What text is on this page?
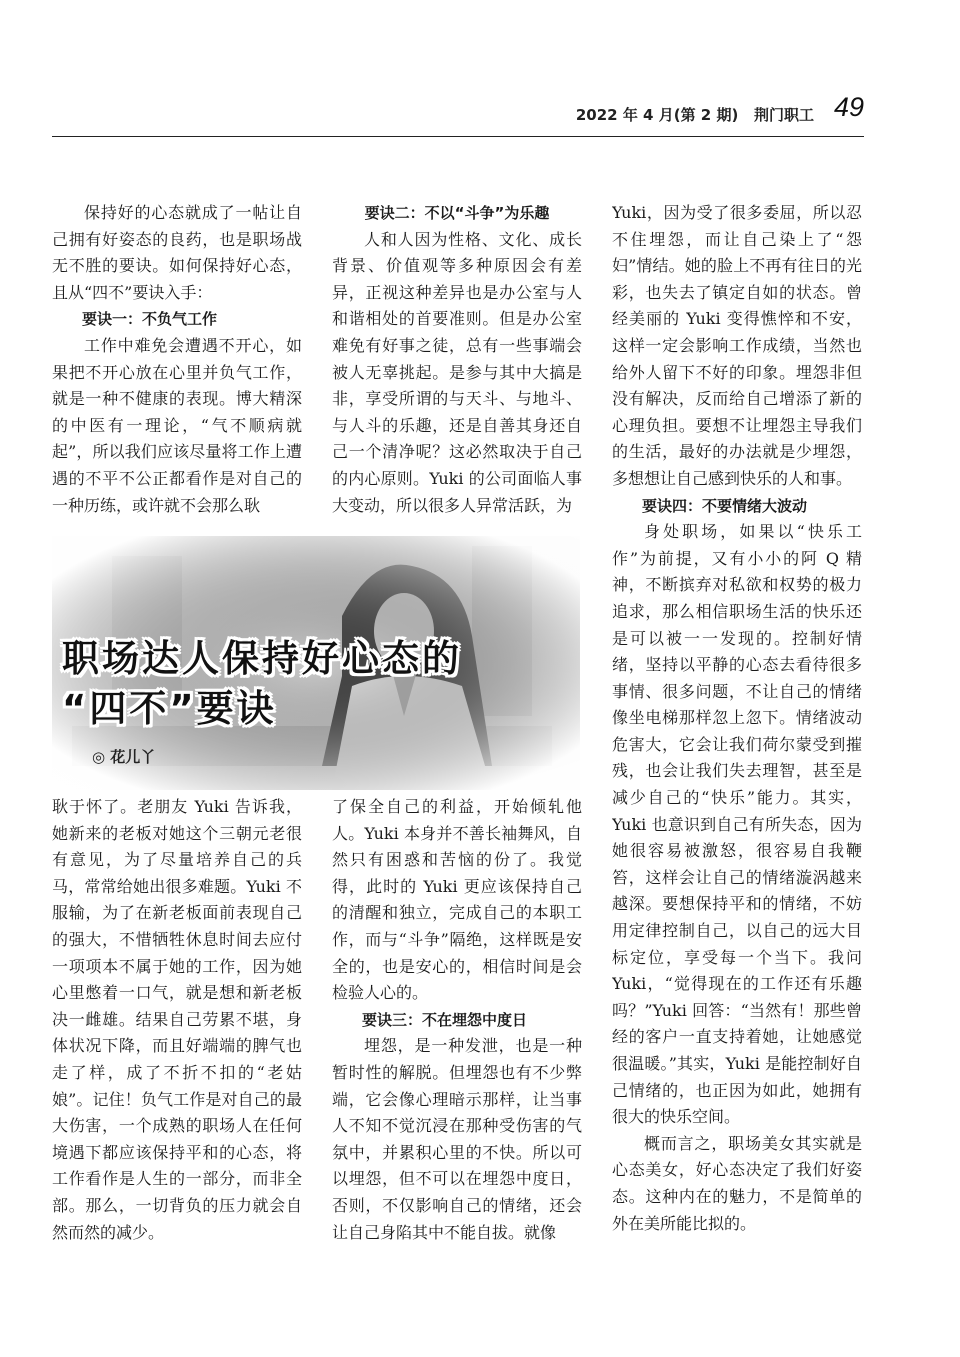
2022 年 4 月(第 2 期) 荆门职工 49

保持好的心态就成了一帖让自己拥有好姿态的良药，也是职场战无不胜的要诀。如何保持好心态，且从“四不”要诀入手：

要诀一：不负气工作

工作中难免会遭遇不开心，如果把不开心放在心里并负气工作，就是一种不健康的表现。博大精深的中医有一理论，“气不顺病就起”，所以我们应该尽量将工作上遭遇的不平不公正都看作是对自己的一种历练，或许就不会那么耿

要诀二：不以“斗争”为乐趣

人和人因为性格、文化、成长背景、价值观等多种原因会有差异，正视这种差异也是办公室与人和谐相处的首要准则。但是办公室难免有好事之徒，总有一些事端会被人无辜挑起。是参与其中大搞是非，享受所谓的与天斗、与地斗、与人斗的乐趣，还是自善其身还自己一个清净呢？这必然取决于自己的内心原则。Yuki 的公司面临人事大变动，所以很多人异常活跃，为

职场达人保持好心态的
“四不”要诀
◎ 花儿丫

耿于怀了。老朋友 Yuki 告诉我，她新来的老板对她这个三朝元老很有意见，为了尽量培养自己的兵马，常常给她出很多难题。Yuki 不服输，为了在新老板面前表现自己的强大，不惜牺牲休息时间去应付一项项本不属于她的工作，因为她心里憋着一口气，就是想和新老板决一雌雄。结果自己劳累不堪，身体状况下降，而且好端端的脾气也走了样，成了不折不扣的“老姑娘”。记住！负气工作是对自己的最大伤害，一个成熟的职场人在任何境遇下都应该保持平和的心态，将工作看作是人生的一部分，而非全部。那么，一切背负的压力就会自然而然的减少。

了保全自己的利益，开始倾轧他人。Yuki 本身并不善长袖舞风，自然只有困惑和苦恼的份了。我觉得，此时的 Yuki 更应该保持自己的清醒和独立，完成自己的本职工作，而与“斗争”隔绝，这样既是安全的，也是安心的，相信时间是会检验人心的。

要诀三：不在埋怨中度日

埋怨，是一种发泄，也是一种暂时性的解脱。但埋怨也有不少弊端，它会像心理暗示那样，让当事人不知不觉沉浸在那种受伤害的气氛中，并累积心里的不快。所以可以埋怨，但不可以在埋怨中度日，否则，不仅影响自己的情绪，还会让自己身陷其中不能自拔。就像

Yuki，因为受了很多委屈，所以忍不住埋怨，而让自己染上了“怨妇”情结。她的脸上不再有往日的光彩，也失去了镇定自如的状态。曾经美丽的 Yuki 变得憔悴和不安，这样一定会影响工作成绩，当然也给外人留下不好的印象。埋怨非但没有解决，反而给自己增添了新的心理负担。要想不让埋怨主导我们的生活，最好的办法就是少埋怨，多想想让自己感到快乐的人和事。

要诀四：不要情绪大波动

身处职场，如果以“快乐工作”为前提，又有小小的阿 Q 精神，不断摈弃对私欲和权势的极力追求，那么相信职场生活的快乐还是可以被一一发现的。控制好情绪，坚持以平静的心态去看待很多事情、很多问题，不让自己的情绪像坐电梯那样忽上忽下。情绪波动危害大，它会让我们荷尔蒙受到摧残，也会让我们失去理智，甚至是减少自己的“快乐”能力。其实，Yuki 也意识到自己有所失态，因为她很容易被激怒，很容易自我鞭笞，这样会让自己的情绪漩涡越来越深。要想保持平和的情绪，不妨用定律控制自己，以自己的远大目标定位，享受每一个当下。我问 Yuki，“觉得现在的工作还有乐趣吗？”Yuki 回答：“当然有！那些曾经的客户一直支持着她，让她感觉很温暖。”其实，Yuki 是能控制好自己情绪的，也正因为如此，她拥有很大的快乐空间。

概而言之，职场美女其实就是心态美女，好心态决定了我们好姿态。这种内在的魅力，不是简单的外在美所能比拟的。
